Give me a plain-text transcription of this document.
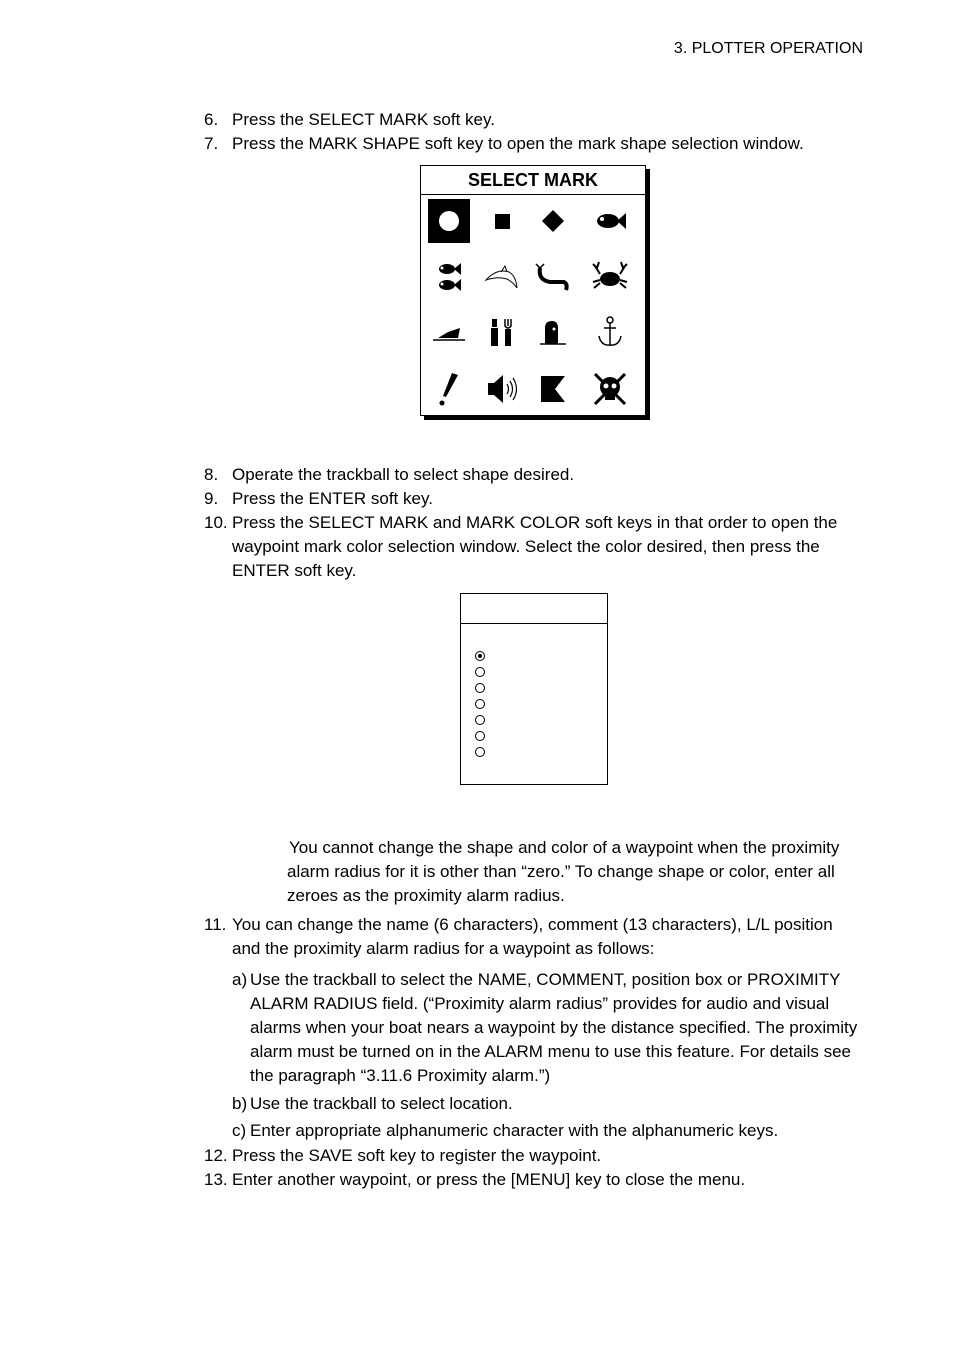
3. PLOTTER OPERATION
6. Press the SELECT MARK soft key.
7. Press the MARK SHAPE soft key to open the mark shape selection window.
SELECT MARK
8. Operate the trackball to select shape desired.
9. Press the ENTER soft key.
10. Press the SELECT MARK and MARK COLOR soft keys in that order to open the waypoint mark color selection window. Select the color desired, then press the ENTER soft key.
You cannot change the shape and color of a waypoint when the proximity alarm radius for it is other than “zero.” To change shape or color, enter all zeroes as the proximity alarm radius.
11. You can change the name (6 characters), comment (13 characters), L/L position and the proximity alarm radius for a waypoint as follows:
a) Use the trackball to select the NAME, COMMENT, position box or PROXIMITY ALARM RADIUS field. (“Proximity alarm radius” provides for audio and visual alarms when your boat nears a waypoint by the distance specified. The proximity alarm must be turned on in the ALARM menu to use this feature. For details see the paragraph “3.11.6 Proximity alarm.”)
b) Use the trackball to select location.
c) Enter appropriate alphanumeric character with the alphanumeric keys.
12. Press the SAVE soft key to register the waypoint.
13. Enter another waypoint, or press the [MENU] key to close the menu.
